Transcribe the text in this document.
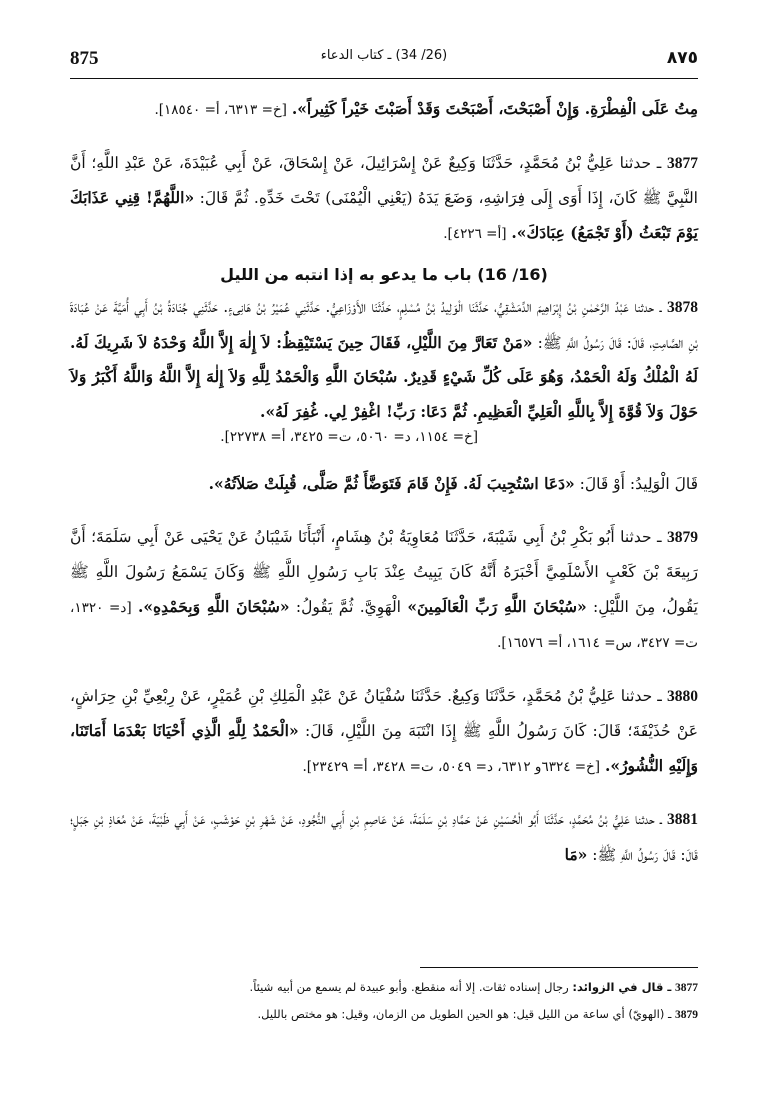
875	(26/ 34) ـ كتاب الدعاء	٨٧٥

مِتُ عَلَى الْفِطْرَةِ. وَإِنْ أَصْبَحْتَ، أَصْبَحْتَ وَقَدْ أَصَبْتَ خَيْراً كَثِيراً». [خ= ٦٣١٣، أ= ١٨٥٤٠].

3877 ـ حدثنا عَلِيُّ بْنُ مُحَمَّدٍ، حَدَّثَنَا وَكِيعٌ عَنْ إِسْرَائِيلَ، عَنْ إِسْحَاقَ، عَنْ أَبِي عُبَيْدَةَ، عَنْ عَبْدِ اللَّهِ؛ أَنَّ النَّبِيَّ ﷺ كَانَ، إِذَا أَوَى إِلَى فِرَاشِهِ، وَضَعَ يَدَهُ (يَعْنِي الْيُمْنَى) تَحْتَ خَدِّهِ. ثُمَّ قَالَ: «اللَّهُمَّ! قِنِي عَذَابَكَ يَوْمَ تَبْعَثُ (أَوْ تَجْمَعُ) عِبَادَكَ». [أ= ٤٢٢٦].

(16/ 16) باب ما يدعو به إذا انتبه من الليل

3878 ـ حدثنا عَبْدُ الرَّحْمٰنِ بْنُ إِبْرَاهِيمَ الدِّمَشْقِيُّ، حَدَّثَنَا الْوَلِيدُ بْنُ مُسْلِمٍ، حَدَّثَنَا الأَوْزَاعِيُّ. حَدَّثَنِي عُمَيْرُ بْنُ هَانِىءٍ. حَدَّثَنِي جُنَادَةُ بْنُ أَبِي أُمَيَّةَ عَنْ عُبَادَةَ بْنِ الصَّامِتِ، قَالَ: قَالَ رَسُولُ اللَّهِ ﷺ: «مَنْ تَعَارَّ مِنَ اللَّيْلِ، فَقَالَ حِينَ يَسْتَيْقِظُ: لاَ إِلٰهَ إِلاَّ اللَّهُ وَحْدَهُ لاَ شَرِيكَ لَهُ. لَهُ الْمُلْكُ وَلَهُ الْحَمْدُ، وَهُوَ عَلَى كُلِّ شَيْءٍ قَدِيرٌ. سُبْحَانَ اللَّهِ وَالْحَمْدُ لِلَّهِ وَلاَ إِلٰهَ إِلاَّ اللَّهُ وَاللَّهُ أَكْبَرُ وَلاَ حَوْلَ وَلاَ قُوَّةَ إِلاَّ بِاللَّهِ الْعَلِيِّ الْعَظِيمِ. ثُمَّ دَعَا: رَبِّ! اغْفِرْ لِي. غُفِرَ لَهُ».

[خ= ١١٥٤، د= ٥٠٦٠، ت= ٣٤٢٥، أ= ٢٢٧٣٨].

قَالَ الْوَلِيدُ: أَوْ قَالَ: «دَعَا اسْتُجِيبَ لَهُ. فَإِنْ قَامَ فَتَوَضَّأَ ثُمَّ صَلَّى، قُبِلَتْ صَلاَتُهُ».

3879 ـ حدثنا أَبُو بَكْرِ بْنُ أَبِي شَيْبَةَ، حَدَّثَنَا مُعَاوِيَةُ بْنُ هِشَامٍ، أَنْبَأَنَا شَيْبَانُ عَنْ يَحْيَى عَنْ أَبِي سَلَمَةَ؛ أَنَّ رَبِيعَةَ بْنَ كَعْبٍ الأَسْلَمِيَّ أَخْبَرَهُ أَنَّهُ كَانَ يَبِيتُ عِنْدَ بَابِ رَسُولِ اللَّهِ ﷺ وَكَانَ يَسْمَعُ رَسُولَ اللَّهِ ﷺ يَقُولُ، مِنَ اللَّيْلِ: «سُبْحَانَ اللَّهِ رَبِّ الْعَالَمِينَ» الْهَوِيَّ. ثُمَّ يَقُولُ: «سُبْحَانَ اللَّهِ وَبِحَمْدِهِ». [د= ١٣٢٠، ت= ٣٤٢٧، س= ١٦١٤، أ= ١٦٥٧٦].

3880 ـ حدثنا عَلِيُّ بْنُ مُحَمَّدٍ، حَدَّثَنَا وَكِيعٌ. حَدَّثَنَا سُفْيَانُ عَنْ عَبْدِ الْمَلِكِ بْنِ عُمَيْرٍ، عَنْ رِبْعِيِّ بْنِ حِرَاشٍ، عَنْ حُذَيْفَةَ؛ قَالَ: كَانَ رَسُولُ اللَّهِ ﷺ إِذَا انْتَبَهَ مِنَ اللَّيْلِ، قَالَ: «الْحَمْدُ لِلَّهِ الَّذِي أَحْيَانَا بَعْدَمَا أَمَاتَنَا، وَإِلَيْهِ النُّشُورُ». [خ= ٦٣٢٤و ٦٣١٢، د= ٥٠٤٩، ت= ٣٤٢٨، أ= ٢٣٤٢٩].

3881 ـ حدثنا عَلِيُّ بْنُ مُحَمَّدٍ، حَدَّثَنَا أَبُو الْحُسَيْنِ عَنْ حَمَّادِ بْنِ سَلَمَةَ، عَنْ عَاصِمِ بْنِ أَبِي النُّجُودِ، عَنْ شَهْرِ بْنِ حَوْشَبٍ، عَنْ أَبِي ظَبْيَةَ، عَنْ مُعَاذِ بْنِ جَبَلٍ؛ قَالَ: قَالَ رَسُولُ اللَّهِ ﷺ: «مَا

3877 ـ قال في الزوائد: رجال إسناده ثقات. إلا أنه منقطع. وأبو عبيدة لم يسمع من أبيه شيئاً.

3879 ـ (الهويّ) أي ساعة من الليل قيل: هو الحين الطويل من الزمان، وقيل: هو مختص بالليل.
